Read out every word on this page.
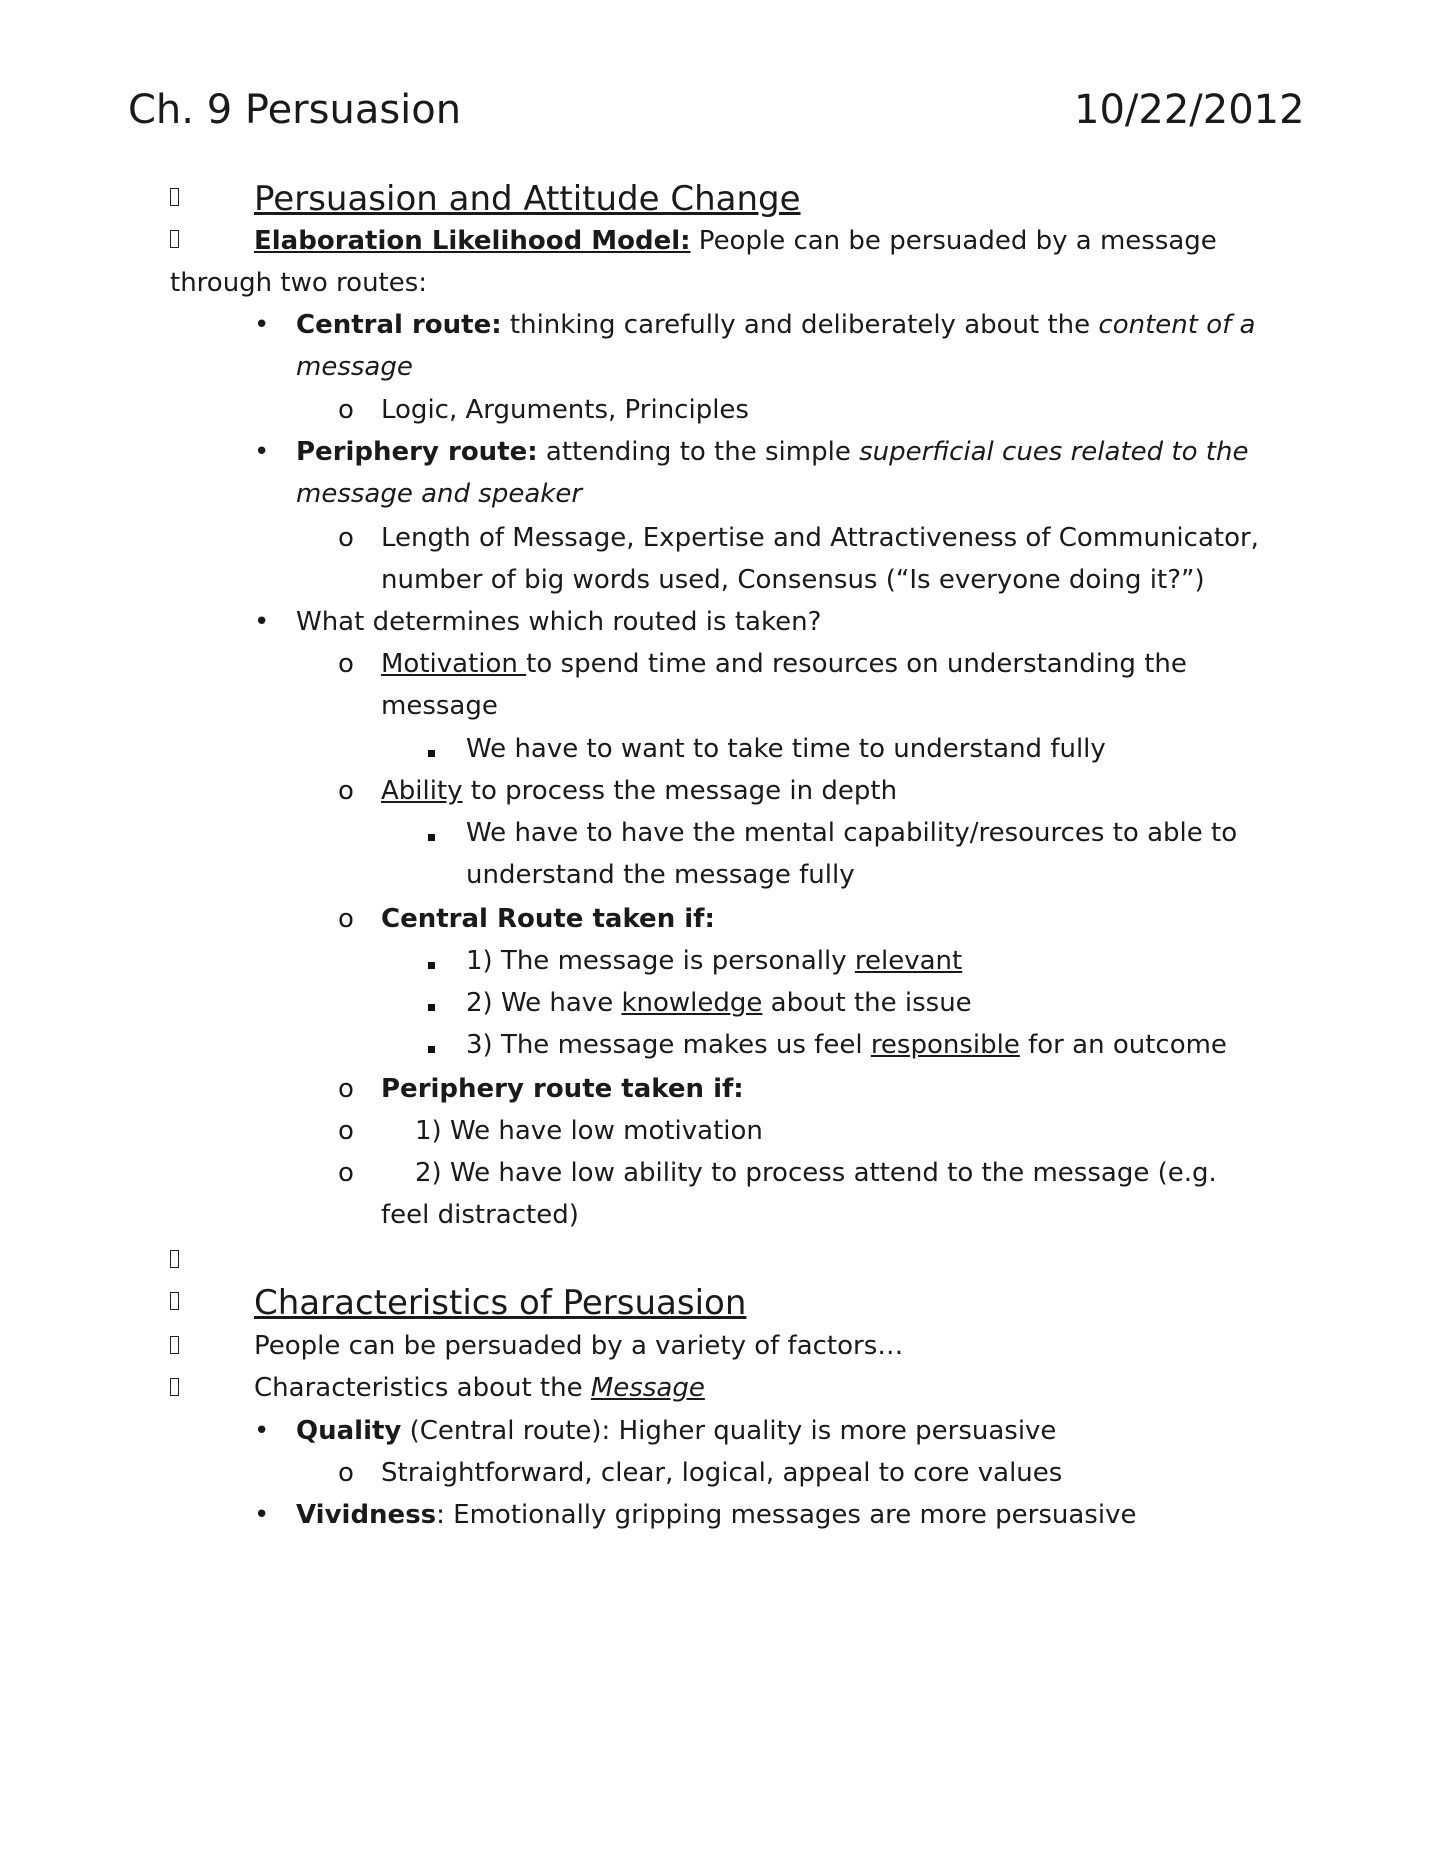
Ch. 9 Persuasion	10/22/2012
Persuasion and Attitude Change
Elaboration Likelihood Model: People can be persuaded by a message
through two routes:
• Central route: thinking carefully and deliberately about the content of a
message
o Logic, Arguments, Principles
• Periphery route: attending to the simple superficial cues related to the
message and speaker
o Length of Message, Expertise and Attractiveness of Communicator,
number of big words used, Consensus (“Is everyone doing it?”)
• What determines which routed is taken?
o Motivation to spend time and resources on understanding the
message
We have to want to take time to understand fully
o Ability to process the message in depth
We have to have the mental capability/resources to able to
understand the message fully
o Central Route taken if:
1) The message is personally relevant
2) We have knowledge about the issue
3) The message makes us feel responsible for an outcome
o Periphery route taken if:
o 1) We have low motivation
o 2) We have low ability to process attend to the message (e.g.
feel distracted)
Characteristics of Persuasion
People can be persuaded by a variety of factors…
Characteristics about the Message
• Quality (Central route): Higher quality is more persuasive
o Straightforward, clear, logical, appeal to core values
• Vividness: Emotionally gripping messages are more persuasive
